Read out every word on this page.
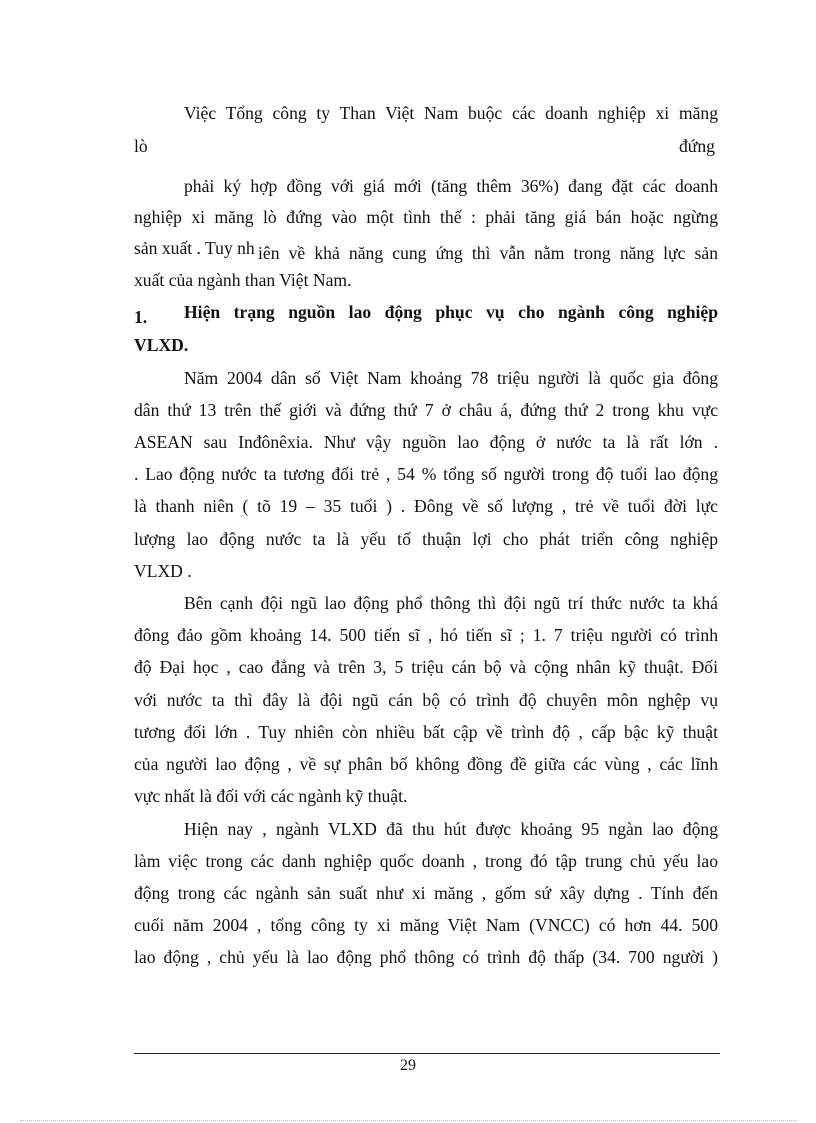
Việc Tổng công ty Than Việt Nam buộc các doanh nghiệp xi măng
lò	đứng
phải ký hợp đồng với giá mới (tăng thêm 36%) đang đặt các doanh
nghiệp xi măng lò đứng vào một tình thế : phải tăng giá bán hoặc ngừng
sản xuất . Tuy nh iên về khả năng cung ứng thì vẫn nằm trong năng lực sản
xuất của ngành than Việt Nam.
1. Hiện trạng nguồn lao động phục vụ cho ngành công nghiệp
VLXD.
Năm 2004 dân số Việt Nam khoảng 78 triệu người là quốc gia đông
dân thứ 13 trên thế giới và đứng thứ 7 ở châu á, đứng thứ 2 trong khu vực
ASEAN sau Inđônêxia. Như vậy nguồn lao động ở nước ta là rất lớn .
. Lao động nước ta tương đối trẻ , 54 % tổng số người trong độ tuổi lao động
là thanh niên ( tõ 19 – 35 tuổi ) . Đông về số lượng , trẻ về tuổi đời lực
lượng lao động nước ta là yếu tố thuận lợi cho phát triển công nghiệp
VLXD .
Bên cạnh đội ngũ lao động phổ thông thì đội ngũ trí thức nước ta khá
đông đảo gồm khoảng 14. 500 tiến sĩ , hó tiến sĩ ; 1. 7 triệu người có trình
độ Đại học , cao đẳng và trên 3, 5 triệu cán bộ và cộng nhân kỹ thuật. Đối
với nước ta thì đây là đội ngũ cán bộ có trình độ chuyên môn nghệp vụ
tương đối lớn . Tuy nhiên còn nhiều bất cập về trình độ , cấp bậc kỹ thuật
của người lao động , về sự phân bố không đồng đề giữa các vùng , các lĩnh
vực nhất là đối với các ngành kỹ thuật.
Hiện nay , ngành VLXD đã thu hút được khoảng 95 ngàn lao động
làm việc trong các danh nghiệp quốc doanh , trong đó tập trung chủ yếu lao
động trong các ngành sản suất như xi măng , gốm sứ xây dựng . Tính đến
cuối năm 2004 , tổng công ty xi măng Việt Nam (VNCC) có hơn 44. 500
lao động , chủ yếu là lao động phổ thông có trình độ thấp (34. 700 người )
29
